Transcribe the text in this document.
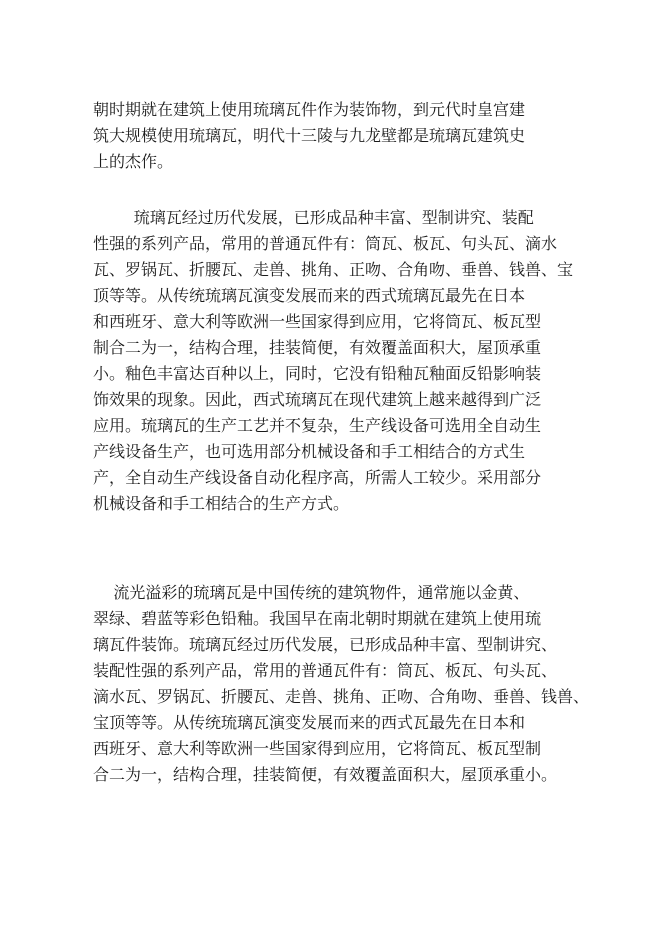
朝时期就在建筑上使用琉璃瓦件作为装饰物，到元代时皇宫建
筑大规模使用琉璃瓦，明代十三陵与九龙壁都是琉璃瓦建筑史
上的杰作。
琉璃瓦经过历代发展，已形成品种丰富、型制讲究、装配
性强的系列产品，常用的普通瓦件有：筒瓦、板瓦、句头瓦、滴水
瓦、罗锅瓦、折腰瓦、走兽、挑角、正吻、合角吻、垂兽、钱兽、宝
顶等等。从传统琉璃瓦演变发展而来的西式琉璃瓦最先在日本
和西班牙、意大利等欧洲一些国家得到应用，它将筒瓦、板瓦型
制合二为一，结构合理，挂装简便，有效覆盖面积大，屋顶承重
小。釉色丰富达百种以上，同时，它没有铅釉瓦釉面反铅影响装
饰效果的现象。因此，西式琉璃瓦在现代建筑上越来越得到广泛
应用。琉璃瓦的生产工艺并不复杂，生产线设备可选用全自动生
产线设备生产，也可选用部分机械设备和手工相结合的方式生
产，全自动生产线设备自动化程序高，所需人工较少。采用部分
机械设备和手工相结合的生产方式。
流光溢彩的琉璃瓦是中国传统的建筑物件，通常施以金黄、
翠绿、碧蓝等彩色铅釉。我国早在南北朝时期就在建筑上使用琉
璃瓦件装饰。琉璃瓦经过历代发展，已形成品种丰富、型制讲究、
装配性强的系列产品，常用的普通瓦件有：筒瓦、板瓦、句头瓦、
滴水瓦、罗锅瓦、折腰瓦、走兽、挑角、正吻、合角吻、垂兽、钱兽、
宝顶等等。从传统琉璃瓦演变发展而来的西式瓦最先在日本和
西班牙、意大利等欧洲一些国家得到应用，它将筒瓦、板瓦型制
合二为一，结构合理，挂装简便，有效覆盖面积大，屋顶承重小。
